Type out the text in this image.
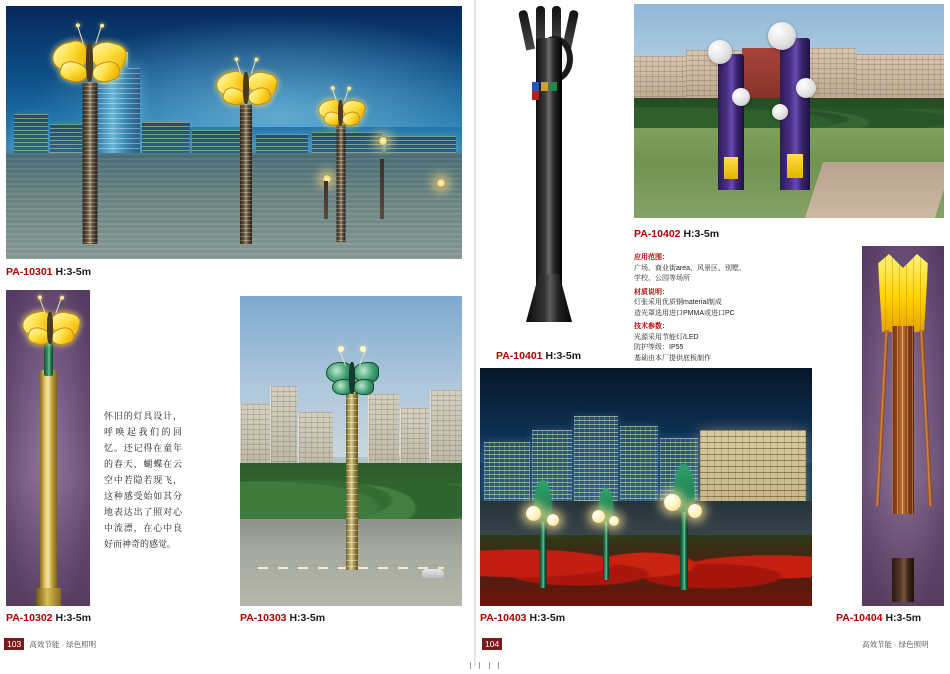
PA-10301 H:3-5m
PA-10302 H:3-5m
怀旧的灯具设计，呼唤起我们的回忆。还记得在童年的春天，蝴蝶在云空中若隐若现飞，这种感受始如其分地表达出了照对心中流漂，在心中良好而神奇的感觉。
PA-10303 H:3-5m
PA-10401 H:3-5m
PA-10402 H:3-5m
应用范围：
广场、商业街area、风景区、别墅、
学校、公园等场所
材质说明：
灯张采用优质钢material制成
造光罩选用进口PMMA或进口PC
技术参数：
光源采用节能灯/LED
防护等级：IP55
基础由本厂提供底板制作
PA-10403 H:3-5m	PA-10404 H:3-5m
103 高效节能 · 绿色照明	高效节能 · 绿色照明
104
